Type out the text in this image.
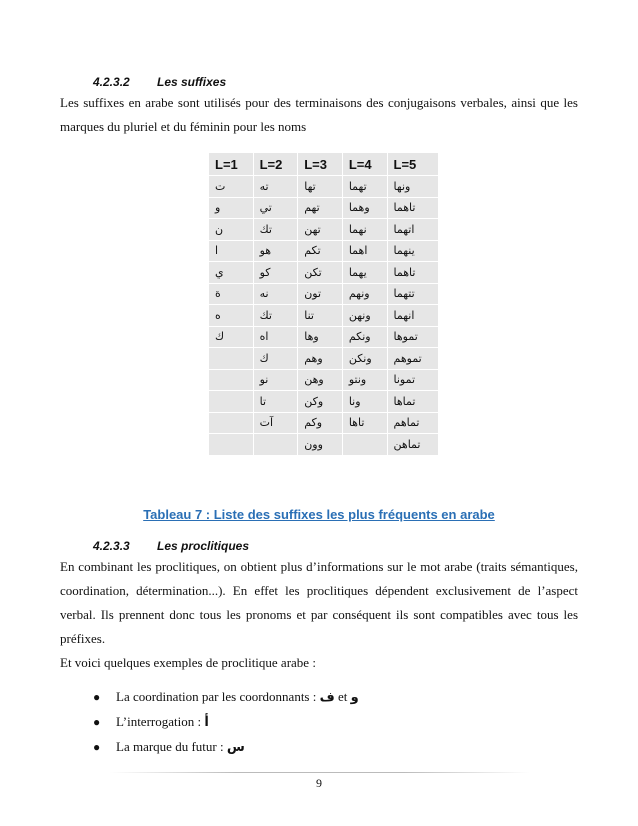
4.2.3.2 Les suffixes
Les suffixes en arabe sont utilisés pour des terminaisons des conjugaisons verbales, ainsi que les
marques du pluriel et du féminin pour les noms
L=1	L=2	L=3	L=4	L=5
ت	ته	تها	تهما	ونها
و	تي	تهم	وهما	تاهما
ن	تك	تهن	نهما	اتهما
ا	هو	تكم	اهما	ينهما
ي	كو	تكن	يهما	تاهما
ة	نه	تون	ونهم	تتهما
ه	تك	تنا	ونهن	انهما
ك	اه	وها	ونكم	تموها
	ك	وهم	ونكن	تموهم
	نو	وهن	ونتو	تمونا
	تا	وكن	ونا	تماها
	آت	وكم	تاها	تماهم
		وون		تماهن
Tableau 7 : Liste des suffixes les plus fréquents en arabe
4.2.3.3 Les proclitiques
En combinant les proclitiques, on obtient plus d’informations sur le mot arabe (traits sémantiques,
coordination, détermination...). En effet les proclitiques dépendent exclusivement de l’aspect
verbal. Ils prennent donc tous les pronoms et par conséquent ils sont compatibles avec tous les
préfixes.
Et voici quelques exemples de proclitique arabe :
● La coordination par les coordonnants : ف et و
● L’interrogation : أ
● La marque du futur : س
9
